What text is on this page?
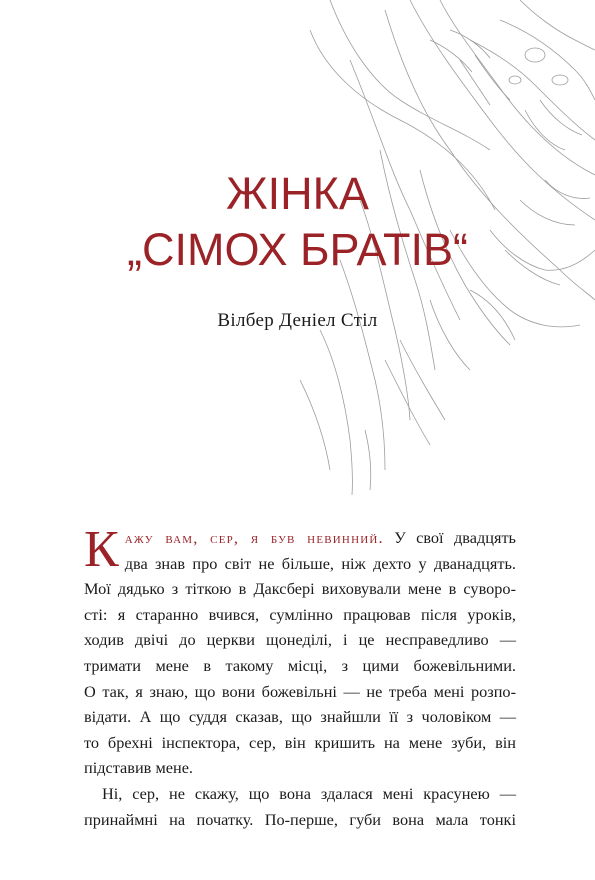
ЖІНКА
„СІМОХ БРАТІВ“
Вілбер Деніел Стіл
К ажу вам, сер, я був невинний. У свої двадцять
два знав про світ не більше, ніж дехто у дванадцять.
Мої дядько з тіткою в Даксбері виховували мене в суворо-
сті: я старанно вчився, сумлінно працював після уроків,
ходив двічі до церкви щонеділі, і це несправедливо —
тримати мене в такому місці, з цими божевільними.
О так, я знаю, що вони божевільні — не треба мені розпо-
відати. А що суддя сказав, що знайшли її з чоловіком —
то брехні інспектора, сер, він кришить на мене зуби, він
підставив мене.
Ні, сер, не скажу, що вона здалася мені красунею —
принаймні на початку. По-перше, губи вона мала тонкі
